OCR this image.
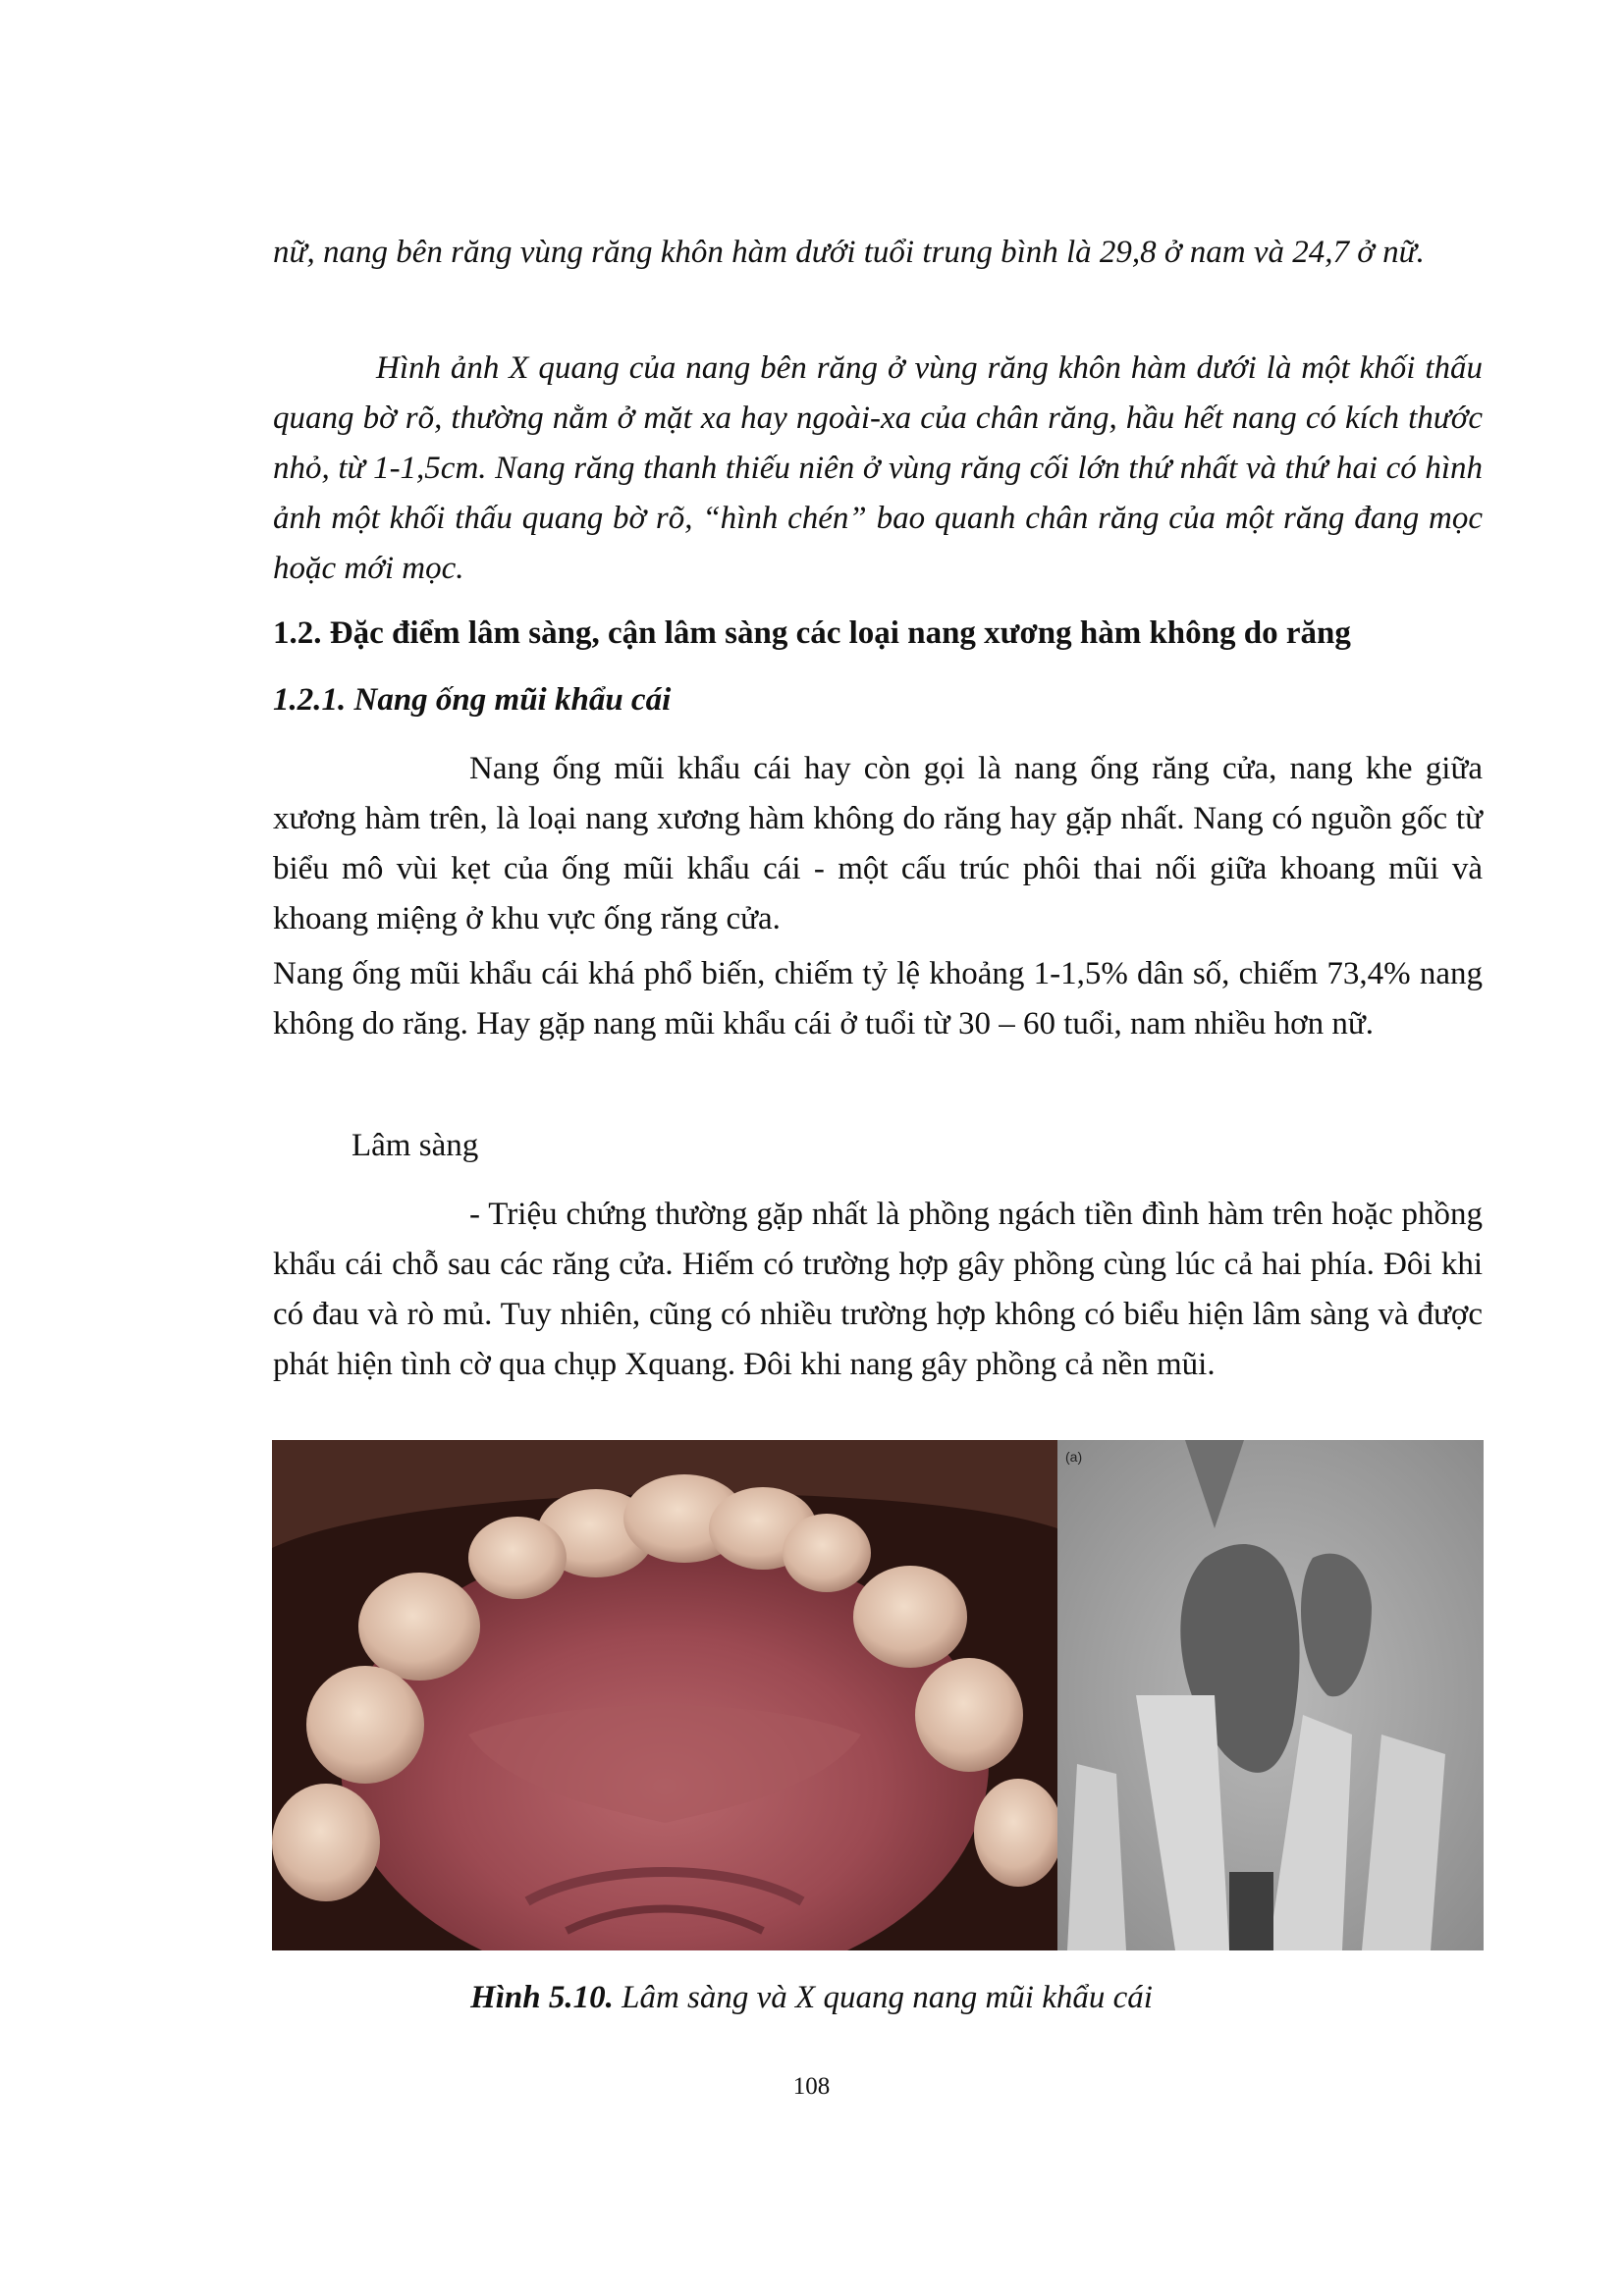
nữ, nang bên răng vùng răng khôn hàm dưới tuổi trung bình là 29,8 ở nam và 24,7 ở nữ.

Hình ảnh X quang của nang bên răng ở vùng răng khôn hàm dưới là một khối thấu quang bờ rõ, thường nằm ở mặt xa hay ngoài-xa của chân răng, hầu hết nang có kích thước nhỏ, từ 1-1,5cm. Nang răng thanh thiếu niên ở vùng răng cối lớn thứ nhất và thứ hai có hình ảnh một khối thấu quang bờ rõ, “hình chén” bao quanh chân răng của một răng đang mọc hoặc mới mọc.

1.2. Đặc điểm lâm sàng, cận lâm sàng các loại nang xương hàm không do răng

1.2.1. Nang ống mũi khẩu cái

Nang ống mũi khẩu cái hay còn gọi là nang ống răng cửa, nang khe giữa xương hàm trên, là loại nang xương hàm không do răng hay gặp nhất. Nang có nguồn gốc từ biểu mô vùi kẹt của ống mũi khẩu cái - một cấu trúc phôi thai nối giữa khoang mũi và khoang miệng ở khu vực ống răng cửa.

Nang ống mũi khẩu cái khá phổ biến, chiếm tỷ lệ khoảng 1-1,5% dân số, chiếm 73,4% nang không do răng. Hay gặp nang mũi khẩu cái ở tuổi từ 30 – 60 tuổi, nam nhiều hơn nữ.

Lâm sàng

- Triệu chứng thường gặp nhất là phồng ngách tiền đình hàm trên hoặc phồng khẩu cái chỗ sau các răng cửa. Hiếm có trường hợp gây phồng cùng lúc cả hai phía. Đôi khi có đau và rò mủ. Tuy nhiên, cũng có nhiều trường hợp không có biểu hiện lâm sàng và được phát hiện tình cờ qua chụp Xquang. Đôi khi nang gây phồng cả nền mũi.

(a)
Hình 5.10. Lâm sàng và X quang nang mũi khẩu cái
108
